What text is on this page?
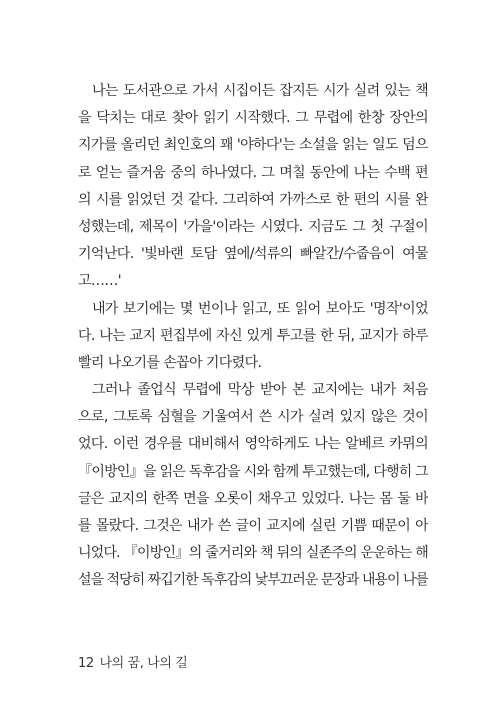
나는 도서관으로 가서 시집이든 잡지든 시가 실려 있는 책
을 닥치는 대로 찾아 읽기 시작했다. 그 무렵에 한창 장안의
지가를 올리던 최인호의 꽤 '야하다'는 소설을 읽는 일도 덤으
로 얻는 즐거움 중의 하나였다. 그 며칠 동안에 나는 수백 편
의 시를 읽었던 것 같다. 그리하여 가까스로 한 편의 시를 완
성했는데, 제목이 '가을'이라는 시였다. 지금도 그 첫 구절이
기억난다. '빛바랜 토담 옆에/석류의 빠알간/수줍음이 여물
고……'
내가 보기에는 몇 번이나 읽고, 또 읽어 보아도 '명작'이었
다. 나는 교지 편집부에 자신 있게 투고를 한 뒤, 교지가 하루
빨리 나오기를 손꼽아 기다렸다.
그러나 졸업식 무렵에 막상 받아 본 교지에는 내가 처음
으로, 그토록 심혈을 기울여서 쓴 시가 실려 있지 않은 것이
었다. 이런 경우를 대비해서 영악하게도 나는 알베르 카뮈의
『이방인』을 읽은 독후감을 시와 함께 투고했는데, 다행히 그
글은 교지의 한쪽 면을 오롯이 채우고 있었다. 나는 몸 둘 바
를 몰랐다. 그것은 내가 쓴 글이 교지에 실린 기쁨 때문이 아
니었다. 『이방인』의 줄거리와 책 뒤의 실존주의 운운하는 해
설을 적당히 짜깁기한 독후감의 낯부끄러운 문장과 내용이 나를
12 나의 꿈, 나의 길
